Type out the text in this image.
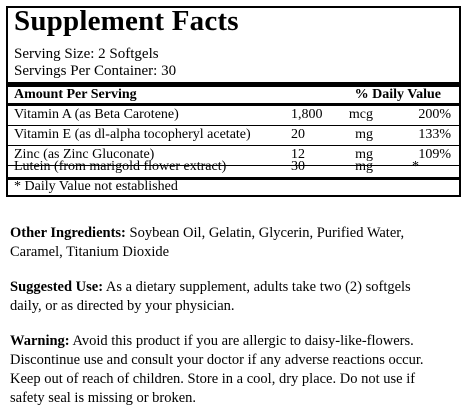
Supplement Facts
Serving Size: 2 Softgels
Servings Per Container: 30
Amount Per Serving	% Daily Value
Vitamin A (as Beta Carotene)	1,800 mcg	200%
Vitamin E (as dl-alpha tocopheryl acetate)	20	mg	133%
Zinc (as Zinc Gluconate)	12	mg	109%
Lutein (from marigold flower extract)	30	mg	*
* Daily Value not established
Other Ingredients: Soybean Oil, Gelatin, Glycerin, Purified Water,
Caramel, Titanium Dioxide
Suggested Use: As a dietary supplement, adults take two (2) softgels
daily, or as directed by your physician.
Warning: Avoid this product if you are allergic to daisy-like-flowers.
Discontinue use and consult your doctor if any adverse reactions occur.
Keep out of reach of children. Store in a cool, dry place. Do not use if
safety seal is missing or broken.
